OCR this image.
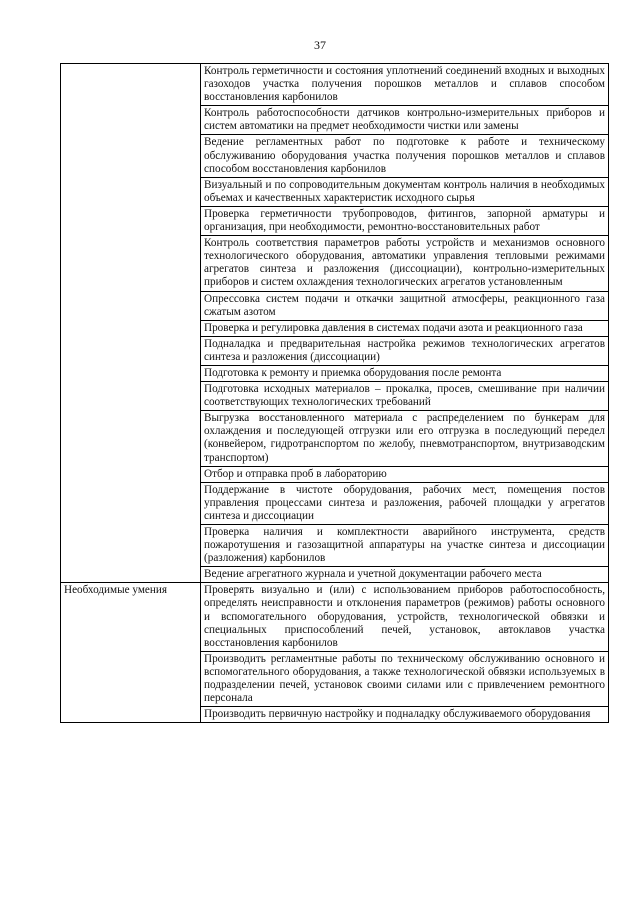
37
	Контроль герметичности и состояния уплотнений соединений входных и выходных газоходов участка получения порошков металлов и сплавов способом восстановления карбонилов
	Контроль работоспособности датчиков контрольно-измерительных приборов и систем автоматики на предмет необходимости чистки или замены
	Ведение регламентных работ по подготовке к работе и техническому обслуживанию оборудования участка получения порошков металлов и сплавов способом восстановления карбонилов
	Визуальный и по сопроводительным документам контроль наличия в необходимых объемах и качественных характеристик исходного сырья
	Проверка герметичности трубопроводов, фитингов, запорной арматуры и организация, при необходимости, ремонтно-восстановительных работ
	Контроль соответствия параметров работы устройств и механизмов основного технологического оборудования, автоматики управления тепловыми режимами агрегатов синтеза и разложения (диссоциации), контрольно-измерительных приборов и систем охлаждения технологических агрегатов установленным
	Опрессовка систем подачи и откачки защитной атмосферы, реакционного газа сжатым азотом
	Проверка и регулировка давления в системах подачи азота и реакционного газа
	Подналадка и предварительная настройка режимов технологических агрегатов синтеза и разложения (диссоциации)
	Подготовка к ремонту и приемка оборудования после ремонта
	Подготовка исходных материалов – прокалка, просев, смешивание при наличии соответствующих технологических требований
	Выгрузка восстановленного материала с распределением по бункерам для охлаждения и последующей отгрузки или его отгрузка в последующий передел (конвейером, гидротранспортом по желобу, пневмотранспортом, внутризаводским транспортом)
	Отбор и отправка проб в лабораторию
	Поддержание в чистоте оборудования, рабочих мест, помещения постов управления процессами синтеза и разложения, рабочей площадки у агрегатов синтеза и диссоциации
	Проверка наличия и комплектности аварийного инструмента, средств пожаротушения и газозащитной аппаратуры на участке синтеза и диссоциации (разложения) карбонилов
	Ведение агрегатного журнала и учетной документации рабочего места
Необходимые умения	Проверять визуально и (или) с использованием приборов работоспособность, определять неисправности и отклонения параметров (режимов) работы основного и вспомогательного оборудования, устройств, технологической обвязки и специальных приспособлений печей, установок, автоклавов участка восстановления карбонилов
	Производить регламентные работы по техническому обслуживанию основного и вспомогательного оборудования, а также технологической обвязки используемых в подразделении печей, установок своими силами или с привлечением ремонтного персонала
	Производить первичную настройку и подналадку обслуживаемого оборудования
